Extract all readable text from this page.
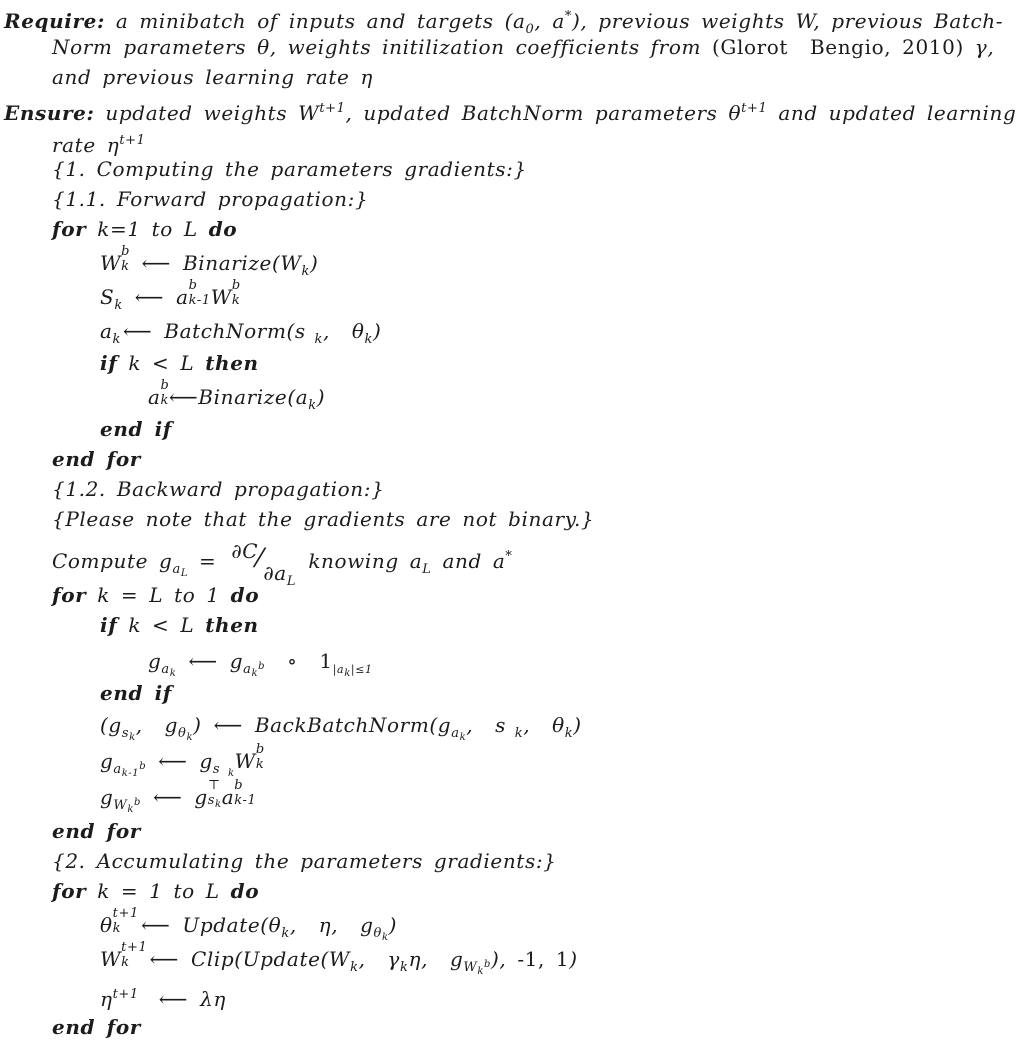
Require: a minibatch of inputs and targets ($a_0$, a*), previous weights W, previous Batch-
Norm parameters θ, weights initilization coefficients from (Glorot  Bengio, 2010) γ,
and previous learning rate η
Ensure: updated weights $W^{t+1}$, updated BatchNorm parameters $\theta^{t+1}$ and updated learning
rate $\eta^{t+1}$
{1. Computing the parameters gradients:}
{1.1. Forward propagation:}
for k=1 to L do
W b
k ⟵ $Binarize(W_k)$
$S_k$ ⟵ a b
k-1 W b
k
$a_k$ ⟵ BatchNorm(s $_k$,  $\theta_k$)
if k < L then
a b
k $⟵Binarize(a_k)$
end if
end for
{1.2. Backward propagation:}
{Please note that the gradients are not binary.}
Compute $g_{a_L} = \partial C$ ⁄ $\partial a_L$
knowing $a_L$ and a*
for k = L to 1 do
if k < L then
$g_{a_k}⟵$ $g_{a_k^b}$  ∘  $1_{|ak|\le 1}$
end if
($g_{s_k}$,  $g_{\theta_k}$) ⟵ $BackBatchNorm(g_{a_k}$,  s $_k$,  $\theta_k$)
$g_{a_{k-1}^b}$ ⟵ $g_{s _k}W$ b
k
$g_{W_k^b}$ ⟵ g ⊤
$s_k$ a b
k-1
end for
{2. Accumulating the parameters gradients:}
for k = 1 to L do
θ t+1
k ⟵ $Update(\theta_k$,  η,  $g_{\theta_k}$)
W t+1
k ⟵ $Clip(Update(W_k$,  $\gamma_k\eta$,  $g_{W_k^b}$), -1, 1)
$\eta^{t+1}$ ⟵ λη
end for
